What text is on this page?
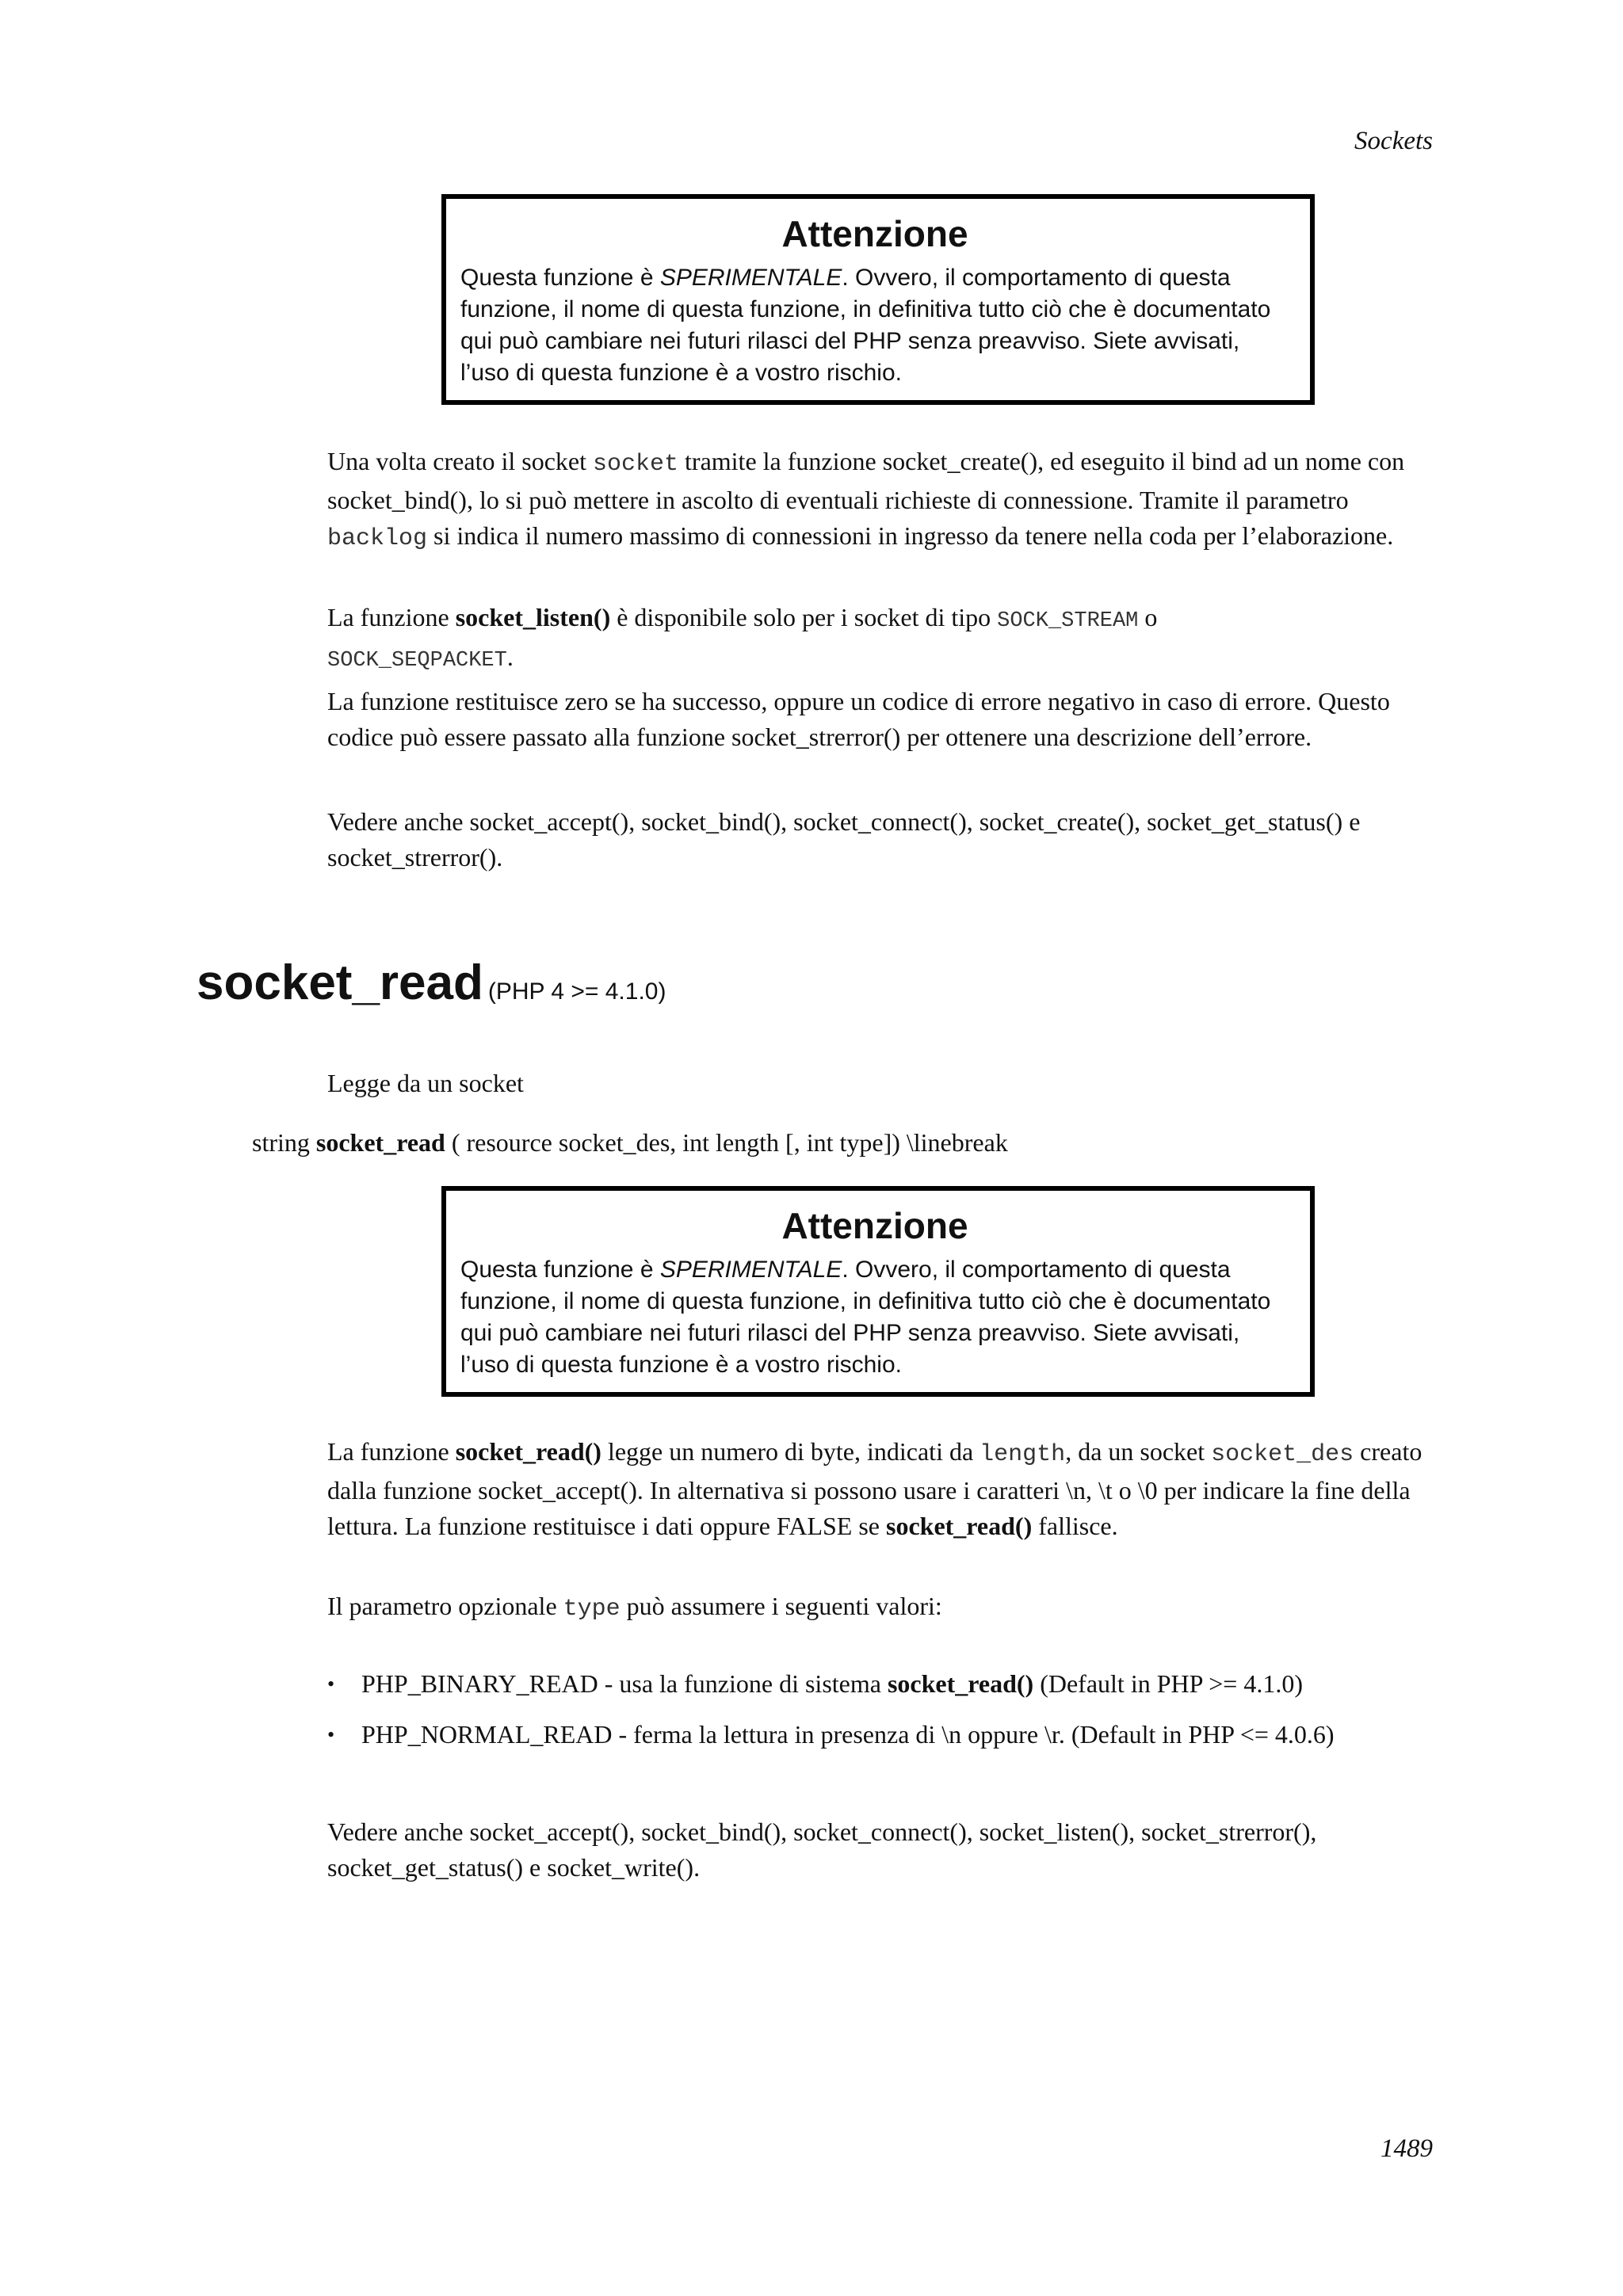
Sockets
Attenzione
Questa funzione è SPERIMENTALE. Ovvero, il comportamento di questa
funzione, il nome di questa funzione, in definitiva tutto ciò che è documentato
qui può cambiare nei futuri rilasci del PHP senza preavviso. Siete avvisati,
l’uso di questa funzione è a vostro rischio.
Una volta creato il socket socket tramite la funzione socket_create(), ed eseguito il bind ad un nome con socket_bind(), lo si può mettere in ascolto di eventuali richieste di connessione. Tramite il parametro backlog si indica il numero massimo di connessioni in ingresso da tenere nella coda per l’elaborazione.
La funzione socket_listen() è disponibile solo per i socket di tipo SOCK_STREAM o
SOCK_SEQPACKET.
La funzione restituisce zero se ha successo, oppure un codice di errore negativo in caso di errore. Questo codice può essere passato alla funzione socket_strerror() per ottenere una descrizione dell’errore.
Vedere anche socket_accept(), socket_bind(), socket_connect(), socket_create(), socket_get_status() e socket_strerror().
socket_read (PHP 4 >= 4.1.0)
Legge da un socket
string socket_read ( resource socket_des, int length [, int type]) \linebreak
Attenzione
Questa funzione è SPERIMENTALE. Ovvero, il comportamento di questa
funzione, il nome di questa funzione, in definitiva tutto ciò che è documentato
qui può cambiare nei futuri rilasci del PHP senza preavviso. Siete avvisati,
l’uso di questa funzione è a vostro rischio.
La funzione socket_read() legge un numero di byte, indicati da length, da un socket socket_des creato dalla funzione socket_accept(). In alternativa si possono usare i caratteri \n, \t o \0 per indicare la fine della lettura. La funzione restituisce i dati oppure FALSE se socket_read() fallisce.
Il parametro opzionale type può assumere i seguenti valori:
• PHP_BINARY_READ - usa la funzione di sistema socket_read() (Default in PHP >= 4.1.0)
• PHP_NORMAL_READ - ferma la lettura in presenza di \n oppure \r. (Default in PHP <= 4.0.6)
Vedere anche socket_accept(), socket_bind(), socket_connect(), socket_listen(), socket_strerror(), socket_get_status() e socket_write().
1489
